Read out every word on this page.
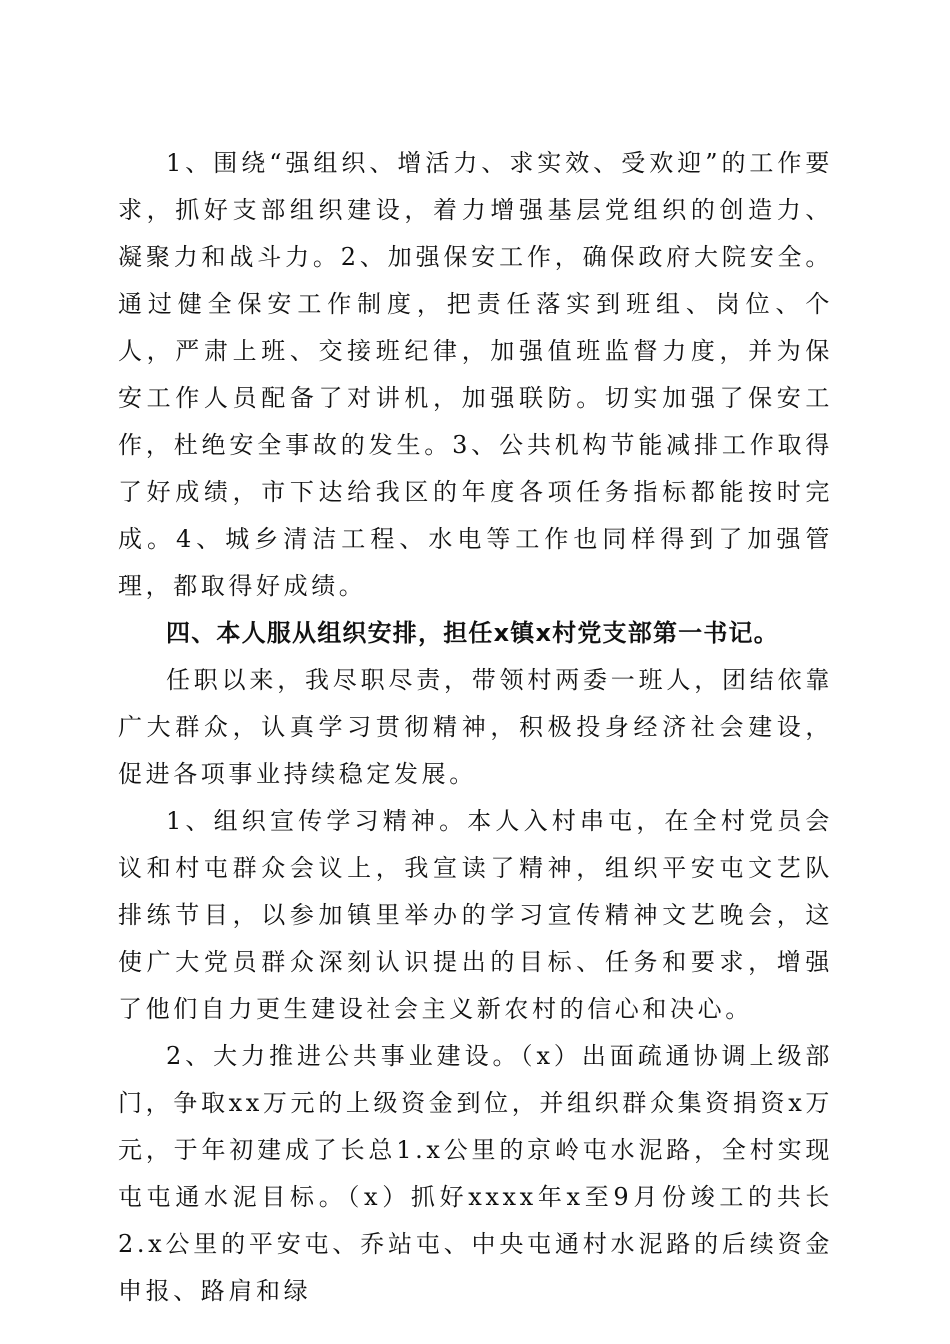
1、围绕“强组织、增活力、求实效、受欢迎”的工作要求，抓好支部组织建设，着力增强基层党组织的创造力、凝聚力和战斗力。2、加强保安工作，确保政府大院安全。通过健全保安工作制度，把责任落实到班组、岗位、个人，严肃上班、交接班纪律，加强值班监督力度，并为保安工作人员配备了对讲机，加强联防。切实加强了保安工作，杜绝安全事故的发生。3、公共机构节能减排工作取得了好成绩，市下达给我区的年度各项任务指标都能按时完成。4、城乡清洁工程、水电等工作也同样得到了加强管理，都取得好成绩。

四、本人服从组织安排，担任x镇x村党支部第一书记。

任职以来，我尽职尽责，带领村两委一班人，团结依靠广大群众，认真学习贯彻精神，积极投身经济社会建设，促进各项事业持续稳定发展。

1、组织宣传学习精神。本人入村串屯，在全村党员会议和村屯群众会议上，我宣读了精神，组织平安屯文艺队排练节目，以参加镇里举办的学习宣传精神文艺晚会，这使广大党员群众深刻认识提出的目标、任务和要求，增强了他们自力更生建设社会主义新农村的信心和决心。

2、大力推进公共事业建设。（x）出面疏通协调上级部门，争取xx万元的上级资金到位，并组织群众集资捐资x万元，于年初建成了长总1.x公里的京岭屯水泥路，全村实现屯屯通水泥目标。（x）抓好xxxx年x至9月份竣工的共长2.x公里的平安屯、乔站屯、中央屯通村水泥路的后续资金申报、路肩和绿
